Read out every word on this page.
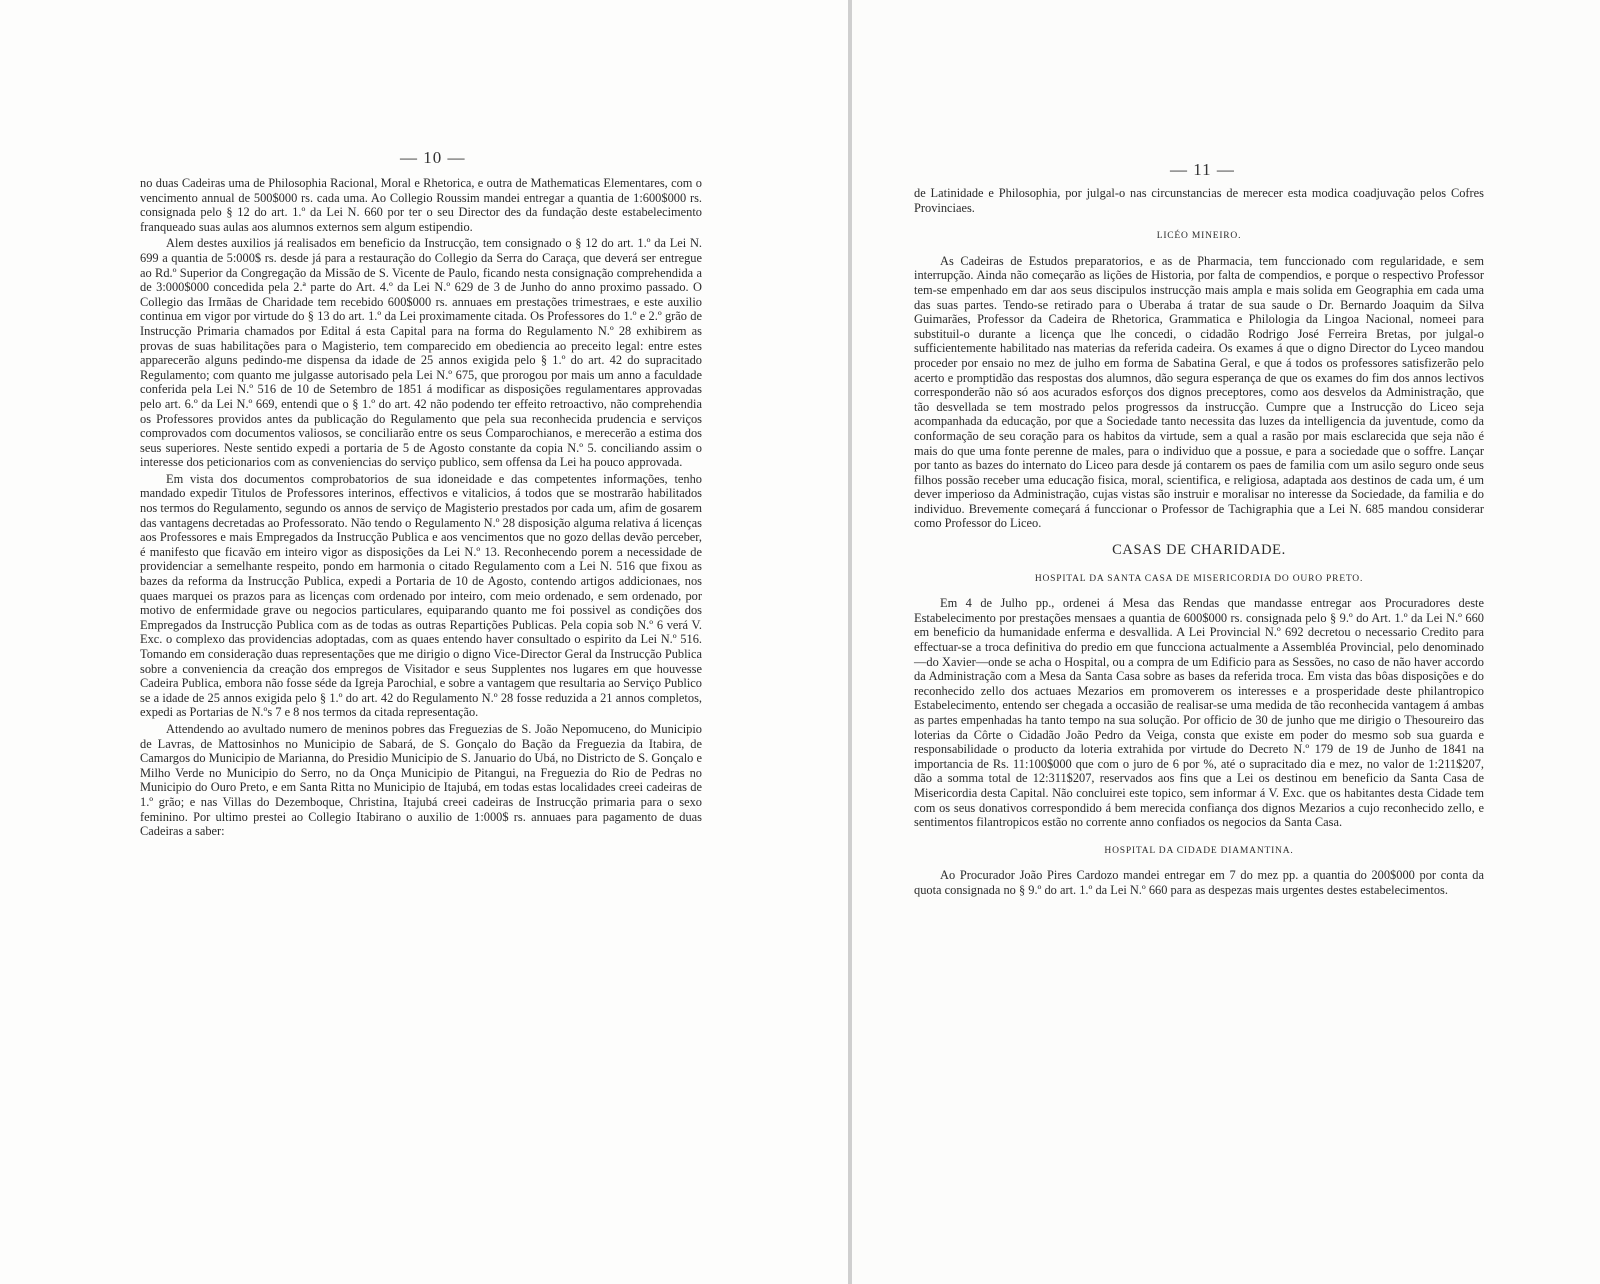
— 10 —

no duas Cadeiras uma de Philosophia Racional, Moral e Rhetorica, e outra de Mathematicas Elementares, com o vencimento annual de 500$000 rs. cada uma. Ao Collegio Roussim mandei entregar a quantia de 1:600$000 rs. consignada pelo § 12 do art. 1.º da Lei N. 660 por ter o seu Director des da fundação deste estabelecimento franqueado suas aulas aos alumnos externos sem algum estipendio.

Alem destes auxilios já realisados em beneficio da Instrucção, tem consignado o § 12 do art. 1.º da Lei N. 699 a quantia de 5:000$ rs. desde já para a restauração do Collegio da Serra do Caraça, que deverá ser entregue ao Rd.º Superior da Congregação da Missão de S. Vicente de Paulo, ficando nesta consignação comprehendida a de 3:000$000 concedida pela 2.ª parte do Art. 4.º da Lei N.º 629 de 3 de Junho do anno proximo passado. O Collegio das Irmãas de Charidade tem recebido 600$000 rs. annuaes em prestações trimestraes, e este auxilio continua em vigor por virtude do § 13 do art. 1.º da Lei proximamente citada. Os Professores do 1.º e 2.º grão de Instrucção Primaria chamados por Edital á esta Capital para na forma do Regulamento N.º 28 exhibirem as provas de suas habilitações para o Magisterio, tem comparecido em obediencia ao preceito legal: entre estes apparecerão alguns pedindo-me dispensa da idade de 25 annos exigida pelo § 1.º do art. 42 do supracitado Regulamento; com quanto me julgasse autorisado pela Lei N.º 675, que prorogou por mais um anno a faculdade conferida pela Lei N.º 516 de 10 de Setembro de 1851 á modificar as disposições regulamentares approvadas pelo art. 6.º da Lei N.º 669, entendi que o § 1.º do art. 42 não podendo ter effeito retroactivo, não comprehendia os Professores providos antes da publicação do Regulamento que pela sua reconhecida prudencia e serviços comprovados com documentos valiosos, se conciliarão entre os seus Comparochianos, e merecerão a estima dos seus superiores. Neste sentido expedi a portaria de 5 de Agosto constante da copia N.º 5. conciliando assim o interesse dos peticionarios com as conveniencias do serviço publico, sem offensa da Lei ha pouco approvada.

Em vista dos documentos comprobatorios de sua idoneidade e das competentes informações, tenho mandado expedir Titulos de Professores interinos, effectivos e vitalicios, á todos que se mostrarão habilitados nos termos do Regulamento, segundo os annos de serviço de Magisterio prestados por cada um, afim de gosarem das vantagens decretadas ao Professorato. Não tendo o Regulamento N.º 28 disposição alguma relativa á licenças aos Professores e mais Empregados da Instrucção Publica e aos vencimentos que no gozo dellas devão perceber, é manifesto que ficavão em inteiro vigor as disposições da Lei N.º 13. Reconhecendo porem a necessidade de providenciar a semelhante respeito, pondo em harmonia o citado Regulamento com a Lei N. 516 que fixou as bazes da reforma da Instrucção Publica, expedi a Portaria de 10 de Agosto, contendo artigos addicionaes, nos quaes marquei os prazos para as licenças com ordenado por inteiro, com meio ordenado, e sem ordenado, por motivo de enfermidade grave ou negocios particulares, equiparando quanto me foi possivel as condições dos Empregados da Instrucção Publica com as de todas as outras Repartições Publicas. Pela copia sob N.º 6 verá V. Exc. o complexo das providencias adoptadas, com as quaes entendo haver consultado o espirito da Lei N.º 516. Tomando em consideração duas representações que me dirigio o digno Vice-Director Geral da Instrucção Publica sobre a conveniencia da creação dos empregos de Visitador e seus Supplentes nos lugares em que houvesse Cadeira Publica, embora não fosse séde da Igreja Parochial, e sobre a vantagem que resultaria ao Serviço Publico se a idade de 25 annos exigida pelo § 1.º do art. 42 do Regulamento N.º 28 fosse reduzida a 21 annos completos, expedi as Portarias de N.ºs 7 e 8 nos termos da citada representação.

Attendendo ao avultado numero de meninos pobres das Freguezias de S. João Nepomuceno, do Municipio de Lavras, de Mattosinhos no Municipio de Sabará, de S. Gonçalo do Bação da Freguezia da Itabira, de Camargos do Municipio de Marianna, do Presidio Municipio de S. Januario do Ubá, no Districto de S. Gonçalo e Milho Verde no Municipio do Serro, no da Onça Municipio de Pitangui, na Freguezia do Rio de Pedras no Municipio do Ouro Preto, e em Santa Ritta no Municipio de Itajubá, em todas estas localidades creei cadeiras de 1.º grão; e nas Villas do Dezemboque, Christina, Itajubá creei cadeiras de Instrucção primaria para o sexo feminino. Por ultimo prestei ao Collegio Itabirano o auxilio de 1:000$ rs. annuaes para pagamento de duas Cadeiras a saber:

— 11 —

de Latinidade e Philosophia, por julgal-o nas circunstancias de merecer esta modica coadjuvação pelos Cofres Provinciaes.

LICÉO MINEIRO.

As Cadeiras de Estudos preparatorios, e as de Pharmacia, tem funccionado com regularidade, e sem interrupção. Ainda não começarão as lições de Historia, por falta de compendios, e porque o respectivo Professor tem-se empenhado em dar aos seus discipulos instrucção mais ampla e mais solida em Geographia em cada uma das suas partes. Tendo-se retirado para o Uberaba á tratar de sua saude o Dr. Bernardo Joaquim da Silva Guimarães, Professor da Cadeira de Rhetorica, Grammatica e Philologia da Lingoa Nacional, nomeei para substituil-o durante a licença que lhe concedi, o cidadão Rodrigo José Ferreira Bretas, por julgal-o sufficientemente habilitado nas materias da referida cadeira. Os exames á que o digno Director do Lyceo mandou proceder por ensaio no mez de julho em forma de Sabatina Geral, e que á todos os professores satisfizerão pelo acerto e promptidão das respostas dos alumnos, dão segura esperança de que os exames do fim dos annos lectivos corresponderão não só aos acurados esforços dos dignos preceptores, como aos desvelos da Administração, que tão desvellada se tem mostrado pelos progressos da instrucção. Cumpre que a Instrucção do Liceo seja acompanhada da educação, por que a Sociedade tanto necessita das luzes da intelligencia da juventude, como da conformação de seu coração para os habitos da virtude, sem a qual a rasão por mais esclarecida que seja não é mais do que uma fonte perenne de males, para o individuo que a possue, e para a sociedade que o soffre. Lançar por tanto as bazes do internato do Liceo para desde já contarem os paes de familia com um asilo seguro onde seus filhos possão receber uma educação fisica, moral, scientifica, e religiosa, adaptada aos destinos de cada um, é um dever imperioso da Administração, cujas vistas são instruir e moralisar no interesse da Sociedade, da familia e do individuo. Brevemente começará á funccionar o Professor de Tachigraphia que a Lei N. 685 mandou considerar como Professor do Liceo.

CASAS DE CHARIDADE.
HOSPITAL DA SANTA CASA DE MISERICORDIA DO OURO PRETO.

Em 4 de Julho pp., ordenei á Mesa das Rendas que mandasse entregar aos Procuradores deste Estabelecimento por prestações mensaes a quantia de 600$000 rs. consignada pelo § 9.º do Art. 1.º da Lei N.º 660 em beneficio da humanidade enferma e desvallida. A Lei Provincial N.º 692 decretou o necessario Credito para effectuar-se a troca definitiva do predio em que funcciona actualmente a Assembléa Provincial, pelo denominado—do Xavier—onde se acha o Hospital, ou a compra de um Edificio para as Sessões, no caso de não haver accordo da Administração com a Mesa da Santa Casa sobre as bases da referida troca. Em vista das bôas disposições e do reconhecido zello dos actuaes Mezarios em promoverem os interesses e a prosperidade deste philantropico Estabelecimento, entendo ser chegada a occasião de realisar-se uma medida de tão reconhecida vantagem á ambas as partes empenhadas ha tanto tempo na sua solução. Por officio de 30 de junho que me dirigio o Thesoureiro das loterias da Côrte o Cidadão João Pedro da Veiga, consta que existe em poder do mesmo sob sua guarda e responsabilidade o producto da loteria extrahida por virtude do Decreto N.º 179 de 19 de Junho de 1841 na importancia de Rs. 11:100$000 que com o juro de 6 por %, até o supracitado dia e mez, no valor de 1:211$207, dão a somma total de 12:311$207, reservados aos fins que a Lei os destinou em beneficio da Santa Casa de Misericordia desta Capital. Não concluirei este topico, sem informar á V. Exc. que os habitantes desta Cidade tem com os seus donativos correspondido á bem merecida confiança dos dignos Mezarios a cujo reconhecido zello, e sentimentos filantropicos estão no corrente anno confiados os negocios da Santa Casa.

HOSPITAL DA CIDADE DIAMANTINA.

Ao Procurador João Pires Cardozo mandei entregar em 7 do mez pp. a quantia do 200$000 por conta da quota consignada no § 9.º do art. 1.º da Lei N.º 660 para as despezas mais urgentes destes estabelecimentos.
